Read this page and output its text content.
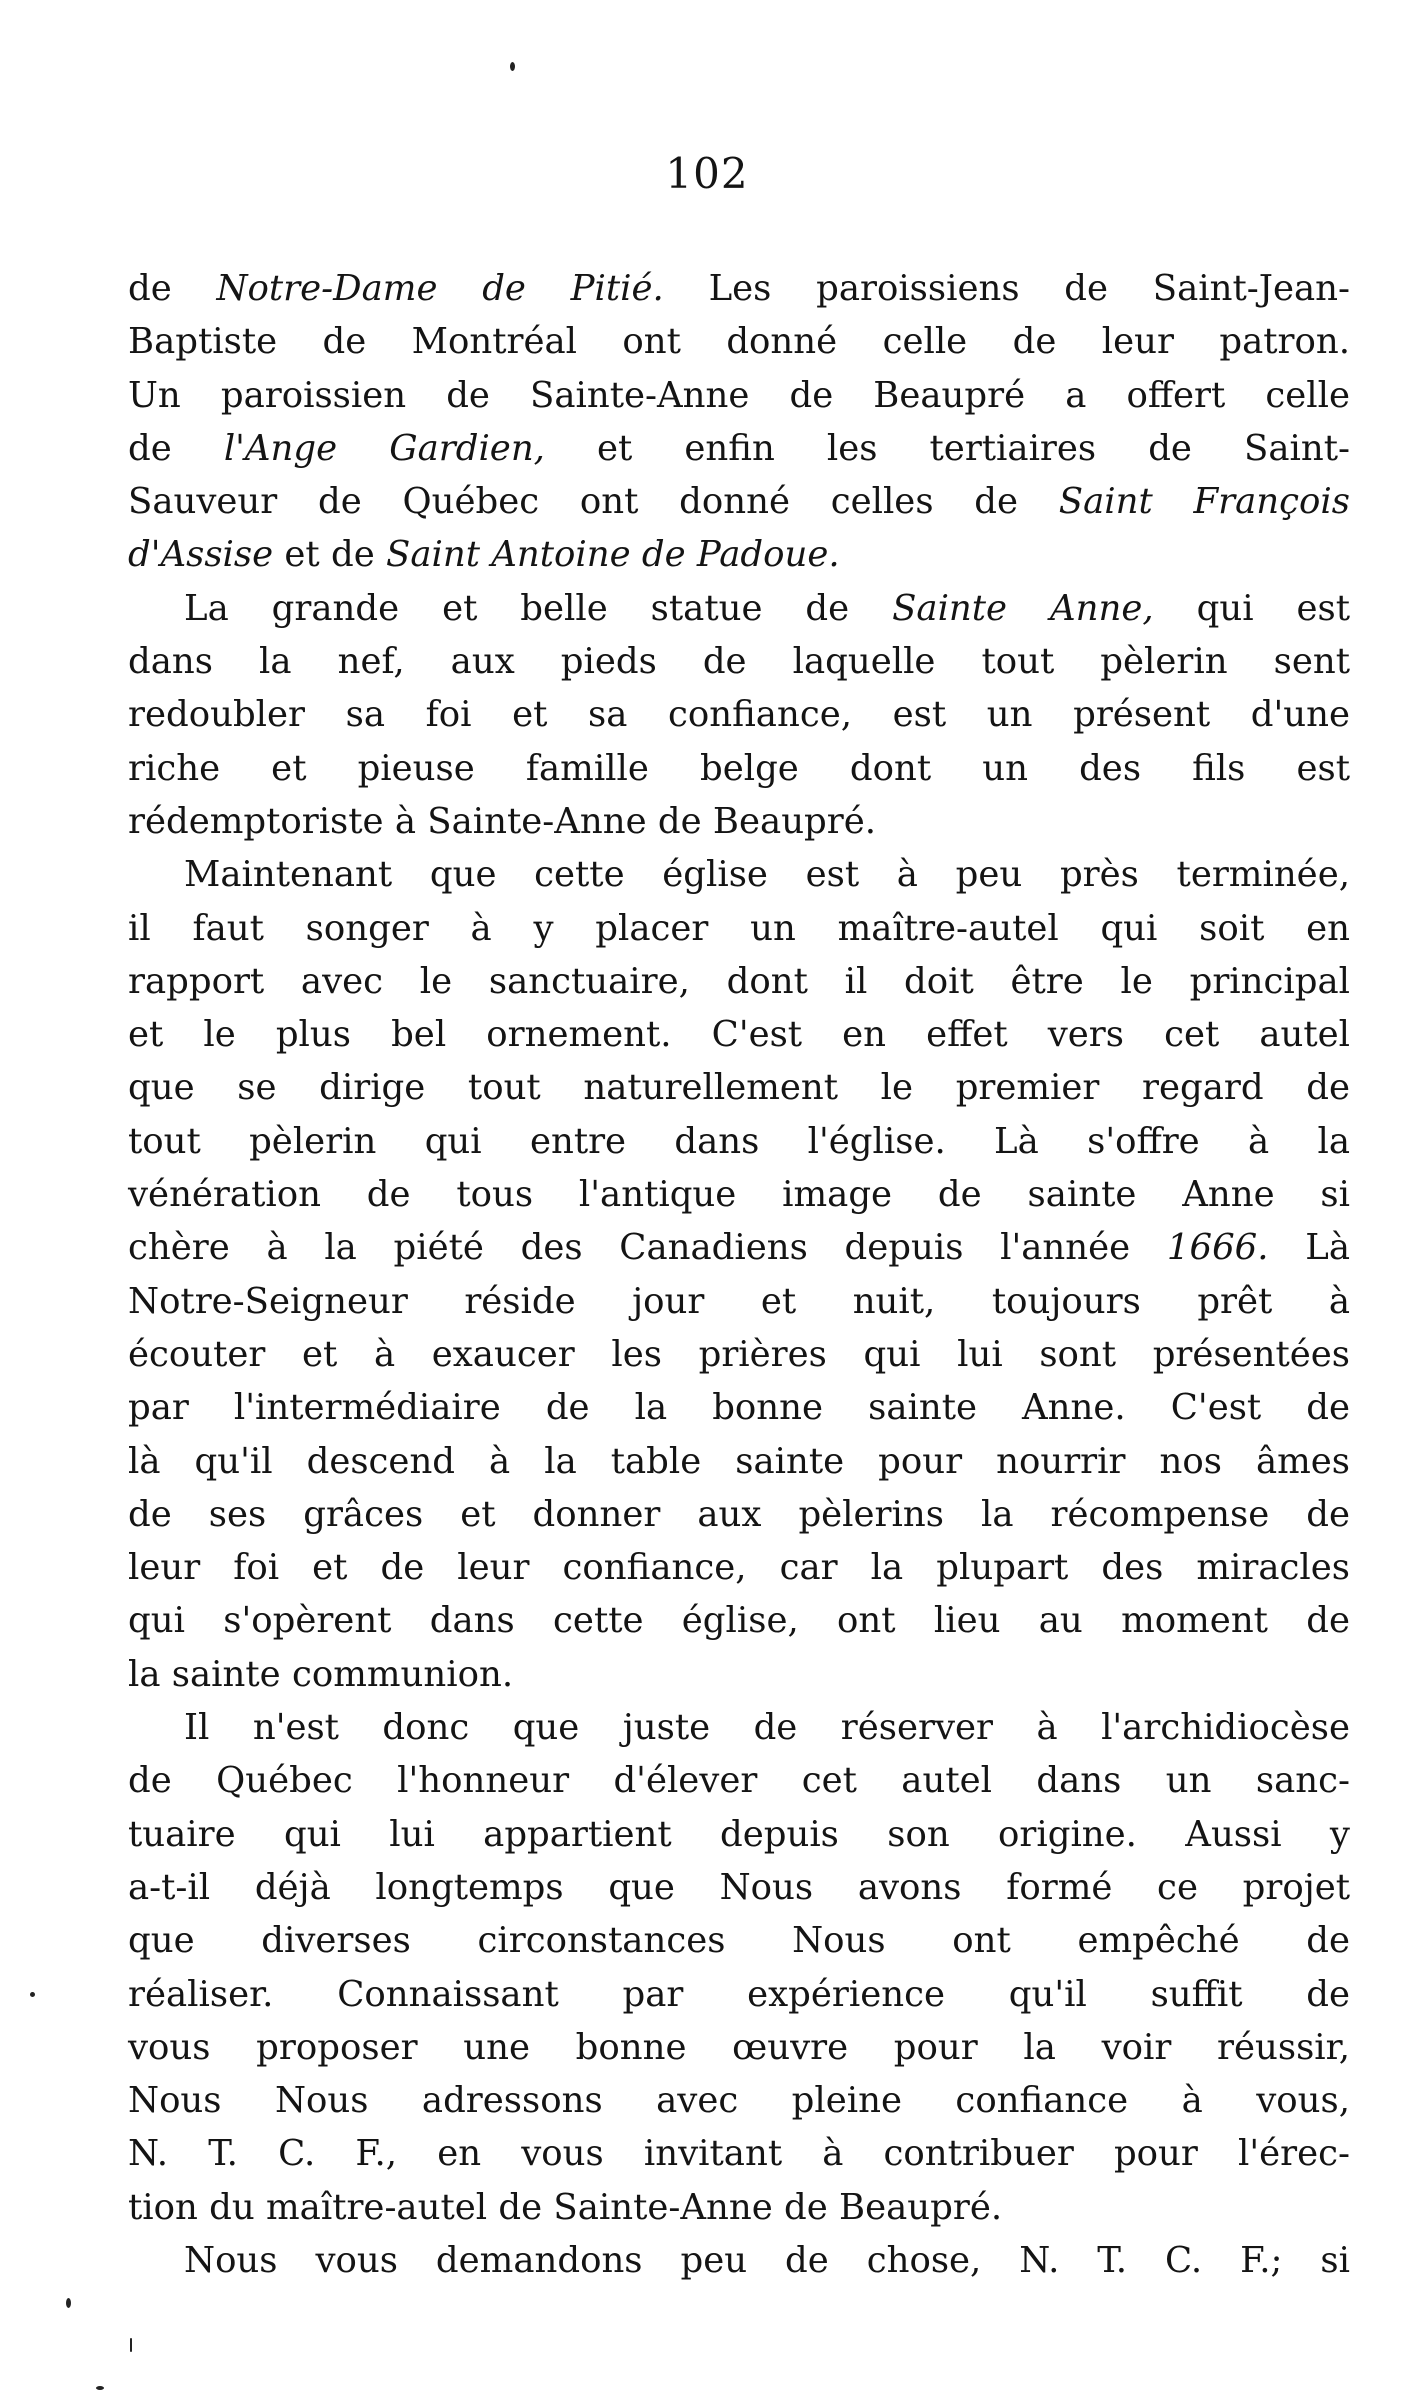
102
de Notre-Dame de Pitié. Les paroissiens de Saint-Jean-
Baptiste de Montréal ont donné celle de leur patron.
Un paroissien de Sainte-Anne de Beaupré a offert celle
de l'Ange Gardien, et enfin les tertiaires de Saint-
Sauveur de Québec ont donné celles de Saint François
d'Assise et de Saint Antoine de Padoue.
La grande et belle statue de Sainte Anne, qui est
dans la nef, aux pieds de laquelle tout pèlerin sent
redoubler sa foi et sa confiance, est un présent d'une
riche et pieuse famille belge dont un des fils est
rédemptoriste à Sainte-Anne de Beaupré.
Maintenant que cette église est à peu près terminée,
il faut songer à y placer un maître-autel qui soit en
rapport avec le sanctuaire, dont il doit être le principal
et le plus bel ornement. C'est en effet vers cet autel
que se dirige tout naturellement le premier regard de
tout pèlerin qui entre dans l'église. Là s'offre à la
vénération de tous l'antique image de sainte Anne si
chère à la piété des Canadiens depuis l'année 1666. Là
Notre-Seigneur réside jour et nuit, toujours prêt à
écouter et à exaucer les prières qui lui sont présentées
par l'intermédiaire de la bonne sainte Anne. C'est de
là qu'il descend à la table sainte pour nourrir nos âmes
de ses grâces et donner aux pèlerins la récompense de
leur foi et de leur confiance, car la plupart des miracles
qui s'opèrent dans cette église, ont lieu au moment de
la sainte communion.
Il n'est donc que juste de réserver à l'archidiocèse
de Québec l'honneur d'élever cet autel dans un sanc-
tuaire qui lui appartient depuis son origine. Aussi y
a-t-il déjà longtemps que Nous avons formé ce projet
que diverses circonstances Nous ont empêché de
réaliser. Connaissant par expérience qu'il suffit de
vous proposer une bonne œuvre pour la voir réussir,
Nous Nous adressons avec pleine confiance à vous,
N. T. C. F., en vous invitant à contribuer pour l'érec-
tion du maître-autel de Sainte-Anne de Beaupré.
Nous vous demandons peu de chose, N. T. C. F.; si
